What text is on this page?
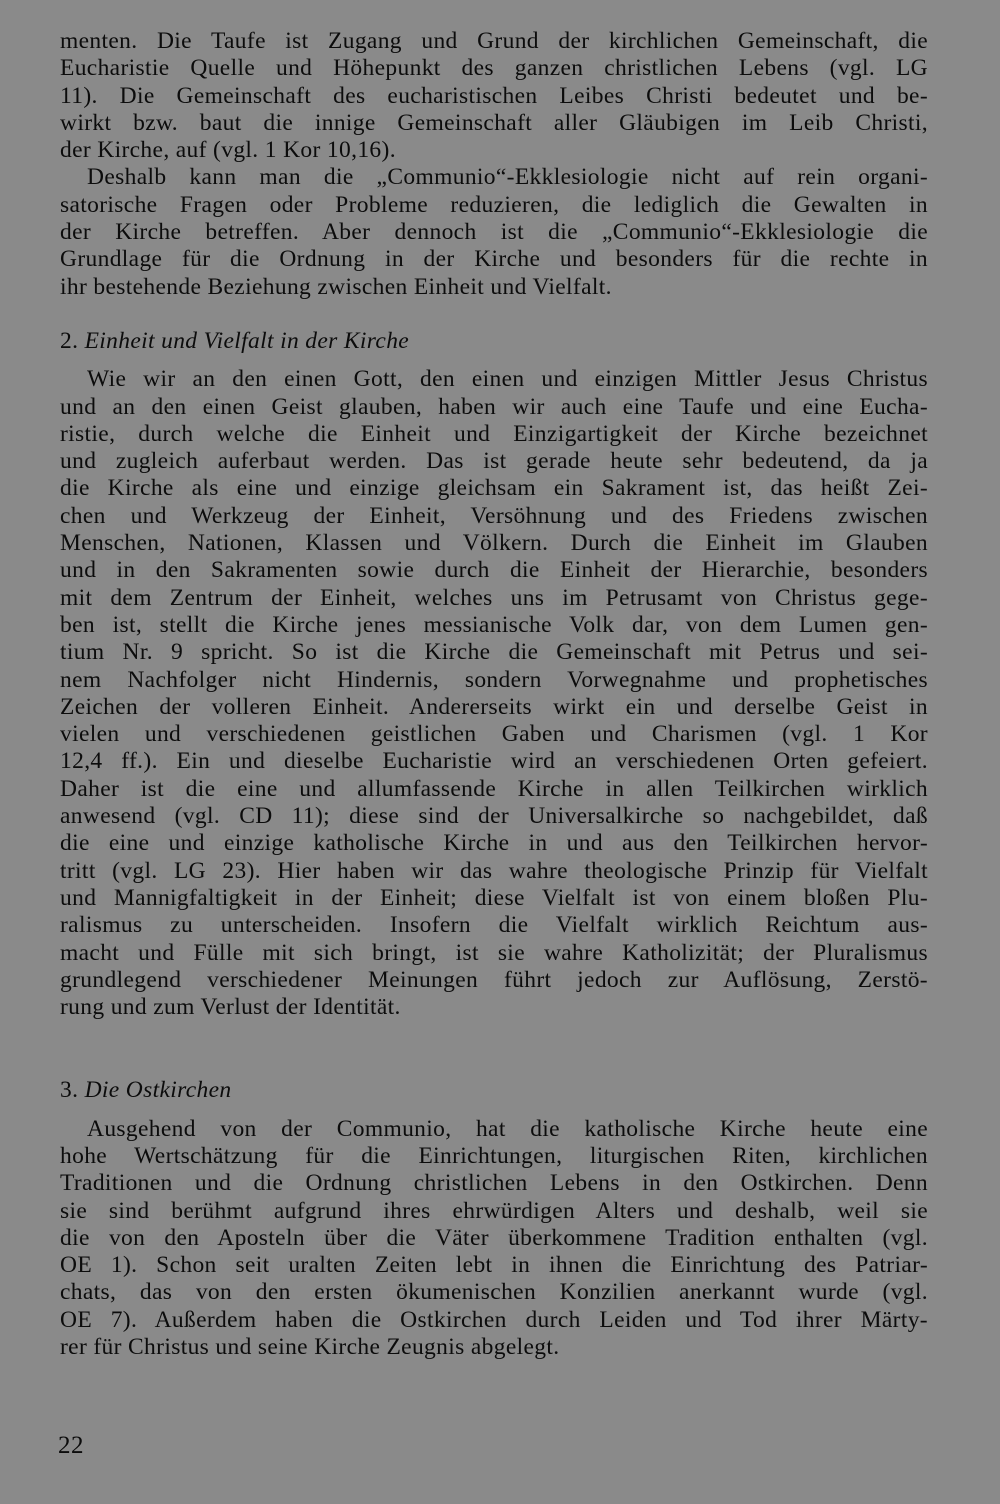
menten. Die Taufe ist Zugang und Grund der kirchlichen Gemeinschaft, die
Eucharistie Quelle und Höhepunkt des ganzen christlichen Lebens (vgl. LG
11). Die Gemeinschaft des eucharistischen Leibes Christi bedeutet und be-
wirkt bzw. baut die innige Gemeinschaft aller Gläubigen im Leib Christi,
der Kirche, auf (vgl. 1 Kor 10,16).
Deshalb kann man die „Communio“-Ekklesiologie nicht auf rein organi-
satorische Fragen oder Probleme reduzieren, die lediglich die Gewalten in
der Kirche betreffen. Aber dennoch ist die „Communio“-Ekklesiologie die
Grundlage für die Ordnung in der Kirche und besonders für die rechte in
ihr bestehende Beziehung zwischen Einheit und Vielfalt.
2. Einheit und Vielfalt in der Kirche
Wie wir an den einen Gott, den einen und einzigen Mittler Jesus Christus
und an den einen Geist glauben, haben wir auch eine Taufe und eine Eucha-
ristie, durch welche die Einheit und Einzigartigkeit der Kirche bezeichnet
und zugleich auferbaut werden. Das ist gerade heute sehr bedeutend, da ja
die Kirche als eine und einzige gleichsam ein Sakrament ist, das heißt Zei-
chen und Werkzeug der Einheit, Versöhnung und des Friedens zwischen
Menschen, Nationen, Klassen und Völkern. Durch die Einheit im Glauben
und in den Sakramenten sowie durch die Einheit der Hierarchie, besonders
mit dem Zentrum der Einheit, welches uns im Petrusamt von Christus gege-
ben ist, stellt die Kirche jenes messianische Volk dar, von dem Lumen gen-
tium Nr. 9 spricht. So ist die Kirche die Gemeinschaft mit Petrus und sei-
nem Nachfolger nicht Hindernis, sondern Vorwegnahme und prophetisches
Zeichen der volleren Einheit. Andererseits wirkt ein und derselbe Geist in
vielen und verschiedenen geistlichen Gaben und Charismen (vgl. 1 Kor
12,4 ff.). Ein und dieselbe Eucharistie wird an verschiedenen Orten gefeiert.
Daher ist die eine und allumfassende Kirche in allen Teilkirchen wirklich
anwesend (vgl. CD 11); diese sind der Universalkirche so nachgebildet, daß
die eine und einzige katholische Kirche in und aus den Teilkirchen hervor-
tritt (vgl. LG 23). Hier haben wir das wahre theologische Prinzip für Vielfalt
und Mannigfaltigkeit in der Einheit; diese Vielfalt ist von einem bloßen Plu-
ralismus zu unterscheiden. Insofern die Vielfalt wirklich Reichtum aus-
macht und Fülle mit sich bringt, ist sie wahre Katholizität; der Pluralismus
grundlegend verschiedener Meinungen führt jedoch zur Auflösung, Zerstö-
rung und zum Verlust der Identität.
3. Die Ostkirchen
Ausgehend von der Communio, hat die katholische Kirche heute eine
hohe Wertschätzung für die Einrichtungen, liturgischen Riten, kirchlichen
Traditionen und die Ordnung christlichen Lebens in den Ostkirchen. Denn
sie sind berühmt aufgrund ihres ehrwürdigen Alters und deshalb, weil sie
die von den Aposteln über die Väter überkommene Tradition enthalten (vgl.
OE 1). Schon seit uralten Zeiten lebt in ihnen die Einrichtung des Patriar-
chats, das von den ersten ökumenischen Konzilien anerkannt wurde (vgl.
OE 7). Außerdem haben die Ostkirchen durch Leiden und Tod ihrer Märty-
rer für Christus und seine Kirche Zeugnis abgelegt.
22
